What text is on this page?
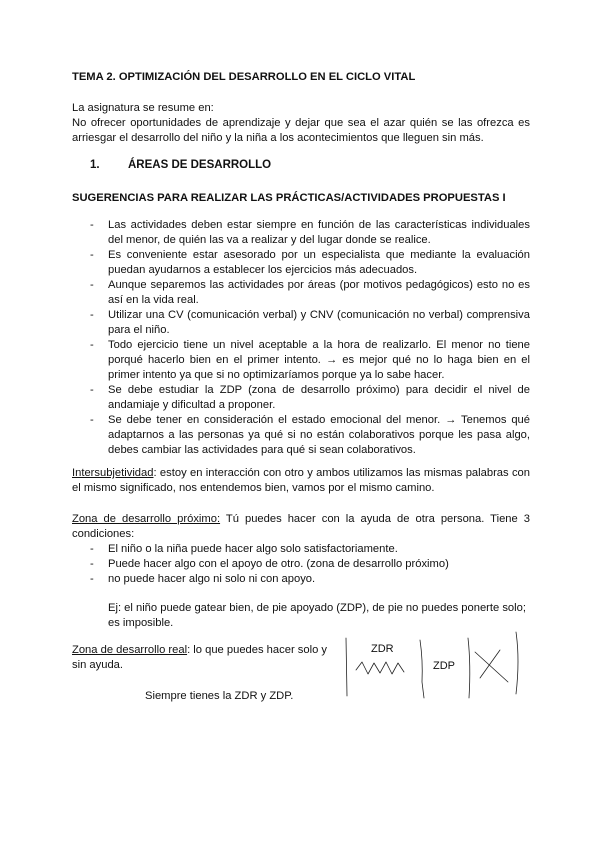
TEMA 2. OPTIMIZACIÓN DEL DESARROLLO EN EL CICLO VITAL
La asignatura se resume en:
No ofrecer oportunidades de aprendizaje y dejar que sea el azar quién se las ofrezca es arriesgar el desarrollo del niño y la niña a los acontecimientos que lleguen sin más.
1. ÁREAS DE DESARROLLO
SUGERENCIAS PARA REALIZAR LAS PRÁCTICAS/ACTIVIDADES PROPUESTAS I
- Las actividades deben estar siempre en función de las características individuales del menor, de quién las va a realizar y del lugar donde se realice.
- Es conveniente estar asesorado por un especialista que mediante la evaluación puedan ayudarnos a establecer los ejercicios más adecuados.
- Aunque separemos las actividades por áreas (por motivos pedagógicos) esto no es así en la vida real.
- Utilizar una CV (comunicación verbal) y CNV (comunicación no verbal) comprensiva para el niño.
- Todo ejercicio tiene un nivel aceptable a la hora de realizarlo. El menor no tiene porqué hacerlo bien en el primer intento. → es mejor qué no lo haga bien en el primer intento ya que si no optimizaríamos porque ya lo sabe hacer.
- Se debe estudiar la ZDP (zona de desarrollo próximo) para decidir el nivel de andamiaje y dificultad a proponer.
- Se debe tener en consideración el estado emocional del menor. → Tenemos qué adaptarnos a las personas ya qué si no están colaborativos porque les pasa algo, debes cambiar las actividades para qué si sean colaborativos.
Intersubjetividad: estoy en interacción con otro y ambos utilizamos las mismas palabras con el mismo significado, nos entendemos bien, vamos por el mismo camino.
Zona de desarrollo próximo: Tú puedes hacer con la ayuda de otra persona. Tiene 3 condiciones:
- El niño o la niña puede hacer algo solo satisfactoriamente.
- Puede hacer algo con el apoyo de otro. (zona de desarrollo próximo)
- no puede hacer algo ni solo ni con apoyo.
Ej: el niño puede gatear bien, de pie apoyado (ZDP), de pie no puedes ponerte solo; es imposible.
Zona de desarrollo real: lo que puedes hacer solo y sin ayuda.
Siempre tienes la ZDR y ZDP.
ZDR
ZDP
